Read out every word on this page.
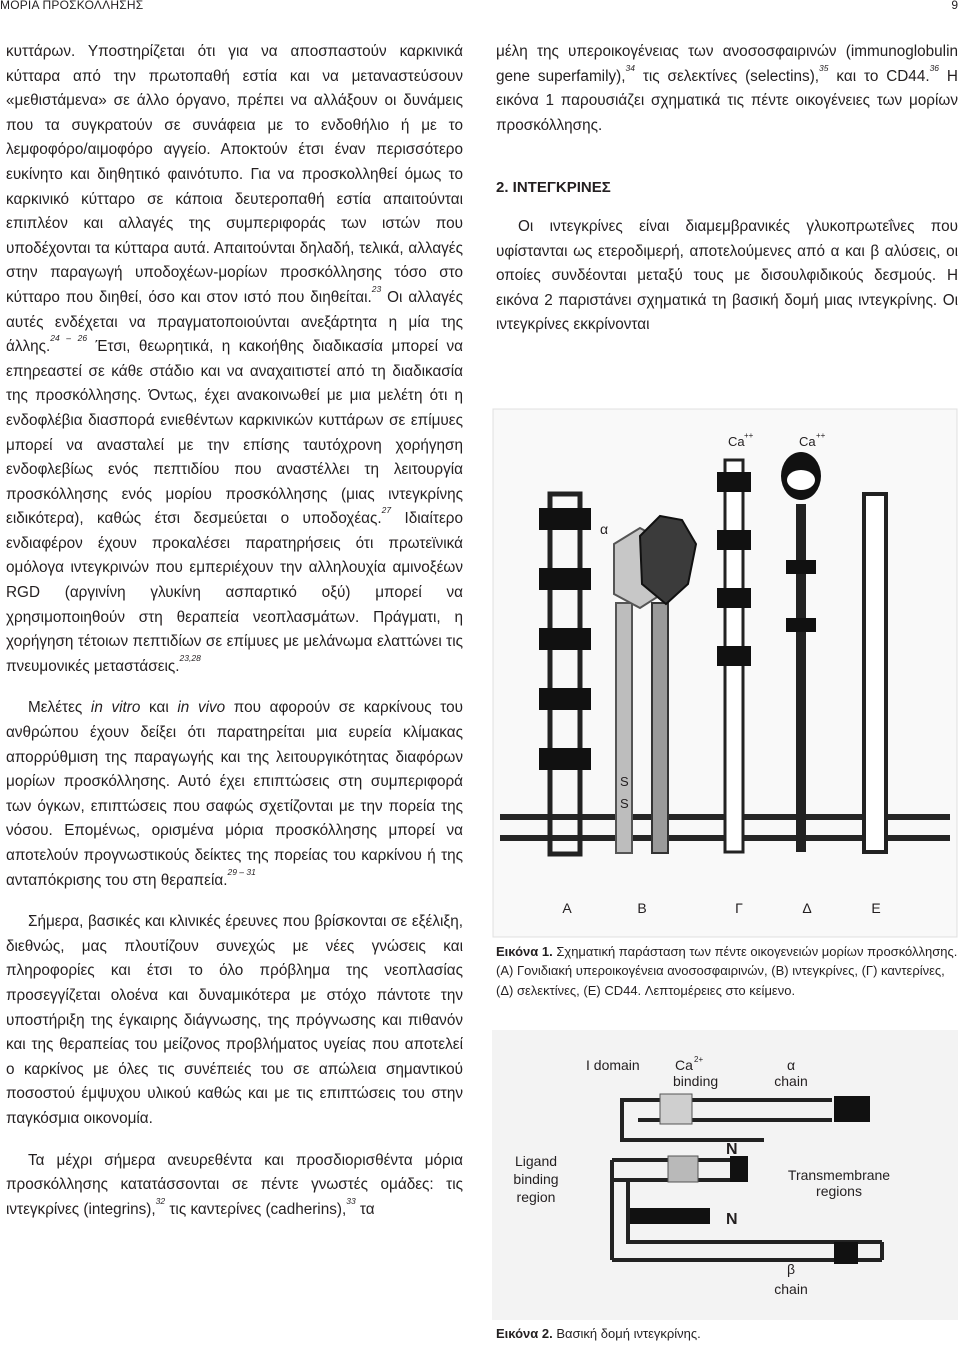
ΜΟΡΙΑ ΠΡΟΣΚΟΛΛΗΣΗΣ	9

κυττάρων. Υποστηρίζεται ότι για να αποσπαστούν καρκινικά κύτταρα από την πρωτοπαθή εστία και να μεταναστεύσουν «μεθιστάμενα» σε άλλο όργανο, πρέπει να αλλάξουν οι δυνάμεις που τα συγκρατούν σε συνάφεια με το ενδοθήλιο ή με το λεμφοφόρο/αιμοφόρο αγγείο. Αποκτούν έτσι έναν περισσότερο ευκίνητο και διηθητικό φαινότυπο. Για να προσκολληθεί όμως το καρκινικό κύτταρο σε κάποια δευτεροπαθή εστία απαιτούνται επιπλέον και αλλαγές της συμπεριφοράς των ιστών που υποδέχονται τα κύτταρα αυτά. Απαιτούνται δηλαδή, τελικά, αλλαγές στην παραγωγή υποδοχέων-μορίων προσκόλλησης τόσο στο κύτταρο που διηθεί, όσο και στον ιστό που διηθείται.$^{23}$ Οι αλλαγές αυτές ενδέχεται να πραγματοποιούνται ανεξάρτητα η μία της άλλης.$^{24 - 26}$ Έτσι, θεωρητικά, η κακοήθης διαδικασία μπορεί να επηρεαστεί σε κάθε στάδιο και να αναχαιτιστεί από τη διαδικασία της προσκόλλησης. Όντως, έχει ανακοινωθεί με μια μελέτη ότι η ενδοφλέβια διασπορά ενιεθέντων καρκινικών κυττάρων σε επίμυες μπορεί να ανασταλεί με την επίσης ταυτόχρονη χορήγηση ενδοφλεβίως ενός πεπτιδίου που αναστέλλει τη λειτουργία προσκόλλησης ενός μορίου προσκόλλησης (μιας ιντεγκρίνης ειδικότερα), καθώς έτσι δεσμεύεται ο υποδοχέας.$^{27}$ Ιδιαίτερο ενδιαφέρον έχουν προκαλέσει παρατηρήσεις ότι πρωτεϊνικά ομόλογα ιντεγκρινών που εμπεριέχουν την αλληλουχία αμινοξέων RGD (αργινίνη γλυκίνη ασπαρτικό οξύ) μπορεί να χρησιμοποιηθούν στη θεραπεία νεοπλασμάτων. Πράγματι, η χορήγηση τέτοιων πεπτιδίων σε επίμυες με μελάνωμα ελαττώνει τις πνευμονικές μεταστάσεις.$^{23,28}$

Μελέτες in vitro και in vivo που αφορούν σε καρκίνους του ανθρώπου έχουν δείξει ότι παρατηρείται μια ευρεία κλίμακας απορρύθμιση της παραγωγής και της λειτουργικότητας διαφόρων μορίων προσκόλλησης. Αυτό έχει επιπτώσεις στη συμπεριφορά των όγκων, επιπτώσεις που σαφώς σχετίζονται με την πορεία της νόσου. Επομένως, ορισμένα μόρια προσκόλλησης μπορεί να αποτελούν προγνωστικούς δείκτες της πορείας του καρκίνου ή της ανταπόκρισης του στη θεραπεία.$^{29 - 31}$

Σήμερα, βασικές και κλινικές έρευνες που βρίσκονται σε εξέλιξη, διεθνώς, μας πλουτίζουν συνεχώς με νέες γνώσεις και πληροφορίες και έτσι το όλο πρόβλημα της νεοπλασίας προσεγγίζεται ολοένα και δυναμικότερα με στόχο πάντοτε την υποστήριξη της έγκαιρης διάγνωσης, της πρόγνωσης και πιθανόν και της θεραπείας του μείζονος προβλήματος υγείας που αποτελεί ο καρκίνος με όλες τις συνέπειές του σε απώλεια σημαντικού ποσοστού έμψυχου υλικού καθώς και με τις επιπτώσεις του στην παγκόσμια οικονομία.

Τα μέχρι σήμερα ανευρεθέντα και προσδιορισθέντα μόρια προσκόλλησης κατατάσσονται σε πέντε γνωστές ομάδες: τις ιντεγκρίνες (integrins),$^{32}$ τις καντερίνες (cadherins),$^{33}$ τα

μέλη της υπεροικογένειας των ανοσοσφαιρινών (immunoglobulin gene superfamily),$^{34}$ τις σελεκτίνες (selectins),$^{35}$ και το CD44.36 Η εικόνα 1 παρουσιάζει σχηματικά τις πέντε οικογένειες των μορίων προσκόλλησης.

2. ΙΝΤΕΓΚΡΙΝΕΣ

Οι ιντεγκρίνες είναι διαμεμβρανικές γλυκοπρωτεΐνες που υφίστανται ως ετεροδιμερή, αποτελούμενες από α και β αλύσεις, οι οποίες συνδέονται μεταξύ τους με δισουλφιδικούς δεσμούς. Η εικόνα 2 παριστάνει σχηματικά τη βασική δομή μιας ιντεγκρίνης. Οι ιντεγκρίνες εκκρίνονται

Ca ++	Ca ++
α
S
S
Α	Β	Γ	Δ	Ε
Εικόνα 1. Σχηματική παράσταση των πέντε οικογενειών μορίων προσκόλλησης. (Α) Γονιδιακή υπεροικογένεια ανοσοσφαιρινών, (Β) ιντεγκρίνες, (Γ) καντερίνες, (Δ) σελεκτίνες, (Ε) CD44. Λεπτομέρειες στο κείμενο.
I domain	Ca 2+
binding
α
chain
N
N
Ligand
binding
region
Transmembrane
regions
β
chain
Εικόνα 2. Βασική δομή ιντεγκρίνης.
